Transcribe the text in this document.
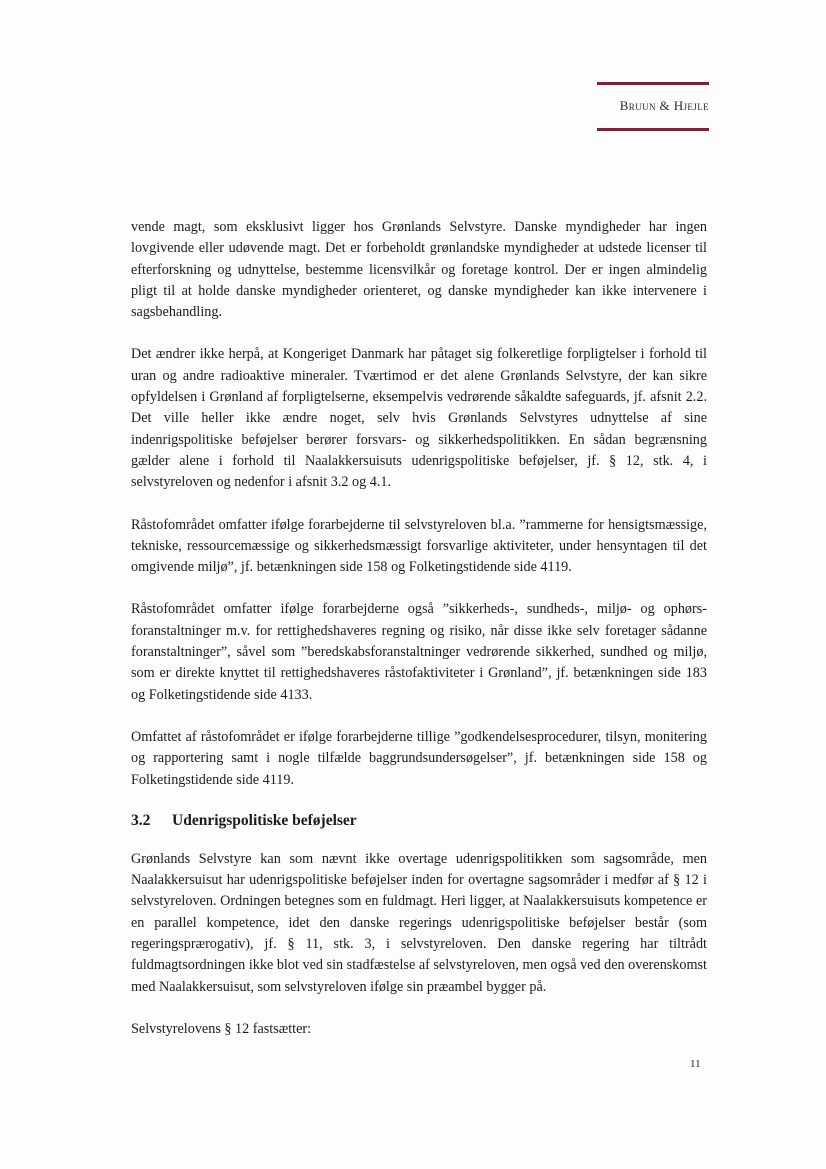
Bruun & Hjejle

vende magt, som eksklusivt ligger hos Grønlands Selvstyre. Danske myndigheder har ingen lovgivende eller udøvende magt. Det er forbeholdt grønlandske myndigheder at udstede licenser til efterforskning og udnyttelse, bestemme licensvilkår og foretage kontrol. Der er ingen almindelig pligt til at holde danske myndigheder orienteret, og danske myndigheder kan ikke intervenere i sagsbehandling.

Det ændrer ikke herpå, at Kongeriget Danmark har påtaget sig folkeretlige forpligtelser i forhold til uran og andre radioaktive mineraler. Tværtimod er det alene Grønlands Selvstyre, der kan sikre opfyldelsen i Grønland af forpligtelserne, eksempelvis vedrørende såkaldte safeguards, jf. afsnit 2.2. Det ville heller ikke ændre noget, selv hvis Grønlands Selvstyres udnyttelse af sine indenrigspolitiske beføjelser berører forsvars- og sikkerhedspolitikken. En sådan begrænsning gælder alene i forhold til Naalakkersuisuts udenrigspolitiske beføjelser, jf. § 12, stk. 4, i selvstyreloven og nedenfor i afsnit 3.2 og 4.1.

Råstofområdet omfatter ifølge forarbejderne til selvstyreloven bl.a. ”rammerne for hensigtsmæssige, tekniske, ressourcemæssige og sikkerhedsmæssigt forsvarlige aktiviteter, under hensyntagen til det omgivende miljø”, jf. betænkningen side 158 og Folketingstidende side 4119.

Råstofområdet omfatter ifølge forarbejderne også ”sikkerheds-, sundheds-, miljø- og ophørsforanstaltninger m.v. for rettighedshaveres regning og risiko, når disse ikke selv foretager sådanne foranstaltninger”, såvel som ”beredskabsforanstaltninger vedrørende sikkerhed, sundhed og miljø, som er direkte knyttet til rettighedshaveres råstofaktiviteter i Grønland”, jf. betænkningen side 183 og Folketingstidende side 4133.

Omfattet af råstofområdet er ifølge forarbejderne tillige ”godkendelsesprocedurer, tilsyn, monitering og rapportering samt i nogle tilfælde baggrundsundersøgelser”, jf. betænkningen side 158 og Folketingstidende side 4119.

3.2	Udenrigspolitiske beføjelser

Grønlands Selvstyre kan som nævnt ikke overtage udenrigspolitikken som sagsområde, men Naalakkersuisut har udenrigspolitiske beføjelser inden for overtagne sagsområder i medfør af § 12 i selvstyreloven. Ordningen betegnes som en fuldmagt. Heri ligger, at Naalakkersuisuts kompetence er en parallel kompetence, idet den danske regerings udenrigspolitiske beføjelser består (som regeringsprærogativ), jf. § 11, stk. 3, i selvstyreloven. Den danske regering har tiltrådt fuldmagtsordningen ikke blot ved sin stadfæstelse af selvstyreloven, men også ved den overenskomst med Naalakkersuisut, som selvstyreloven ifølge sin præambel bygger på.

Selvstyrelovens § 12 fastsætter:

11
